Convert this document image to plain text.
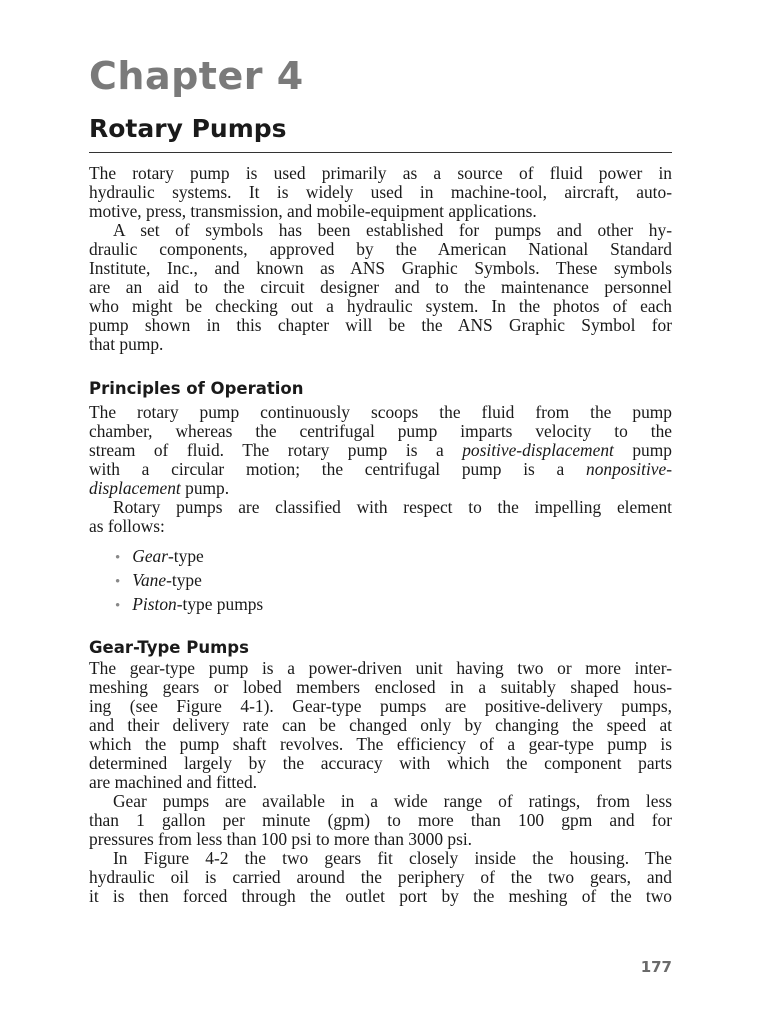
Chapter 4
Rotary Pumps
The rotary pump is used primarily as a source of fluid power in
hydraulic systems. It is widely used in machine-tool, aircraft, auto-
motive, press, transmission, and mobile-equipment applications.
A set of symbols has been established for pumps and other hy-
draulic components, approved by the American National Standard
Institute, Inc., and known as ANS Graphic Symbols. These symbols
are an aid to the circuit designer and to the maintenance personnel
who might be checking out a hydraulic system. In the photos of each
pump shown in this chapter will be the ANS Graphic Symbol for
that pump.
Principles of Operation
The rotary pump continuously scoops the fluid from the pump
chamber, whereas the centrifugal pump imparts velocity to the
stream of fluid. The rotary pump is a positive-displacement pump
with a circular motion; the centrifugal pump is a nonpositive-
displacement pump.
Rotary pumps are classified with respect to the impelling element
as follows:
• Gear-type
• Vane-type
• Piston-type pumps
Gear-Type Pumps
The gear-type pump is a power-driven unit having two or more inter-
meshing gears or lobed members enclosed in a suitably shaped hous-
ing (see Figure 4-1). Gear-type pumps are positive-delivery pumps,
and their delivery rate can be changed only by changing the speed at
which the pump shaft revolves. The efficiency of a gear-type pump is
determined largely by the accuracy with which the component parts
are machined and fitted.
Gear pumps are available in a wide range of ratings, from less
than 1 gallon per minute (gpm) to more than 100 gpm and for
pressures from less than 100 psi to more than 3000 psi.
In Figure 4-2 the two gears fit closely inside the housing. The
hydraulic oil is carried around the periphery of the two gears, and
it is then forced through the outlet port by the meshing of the two
177
